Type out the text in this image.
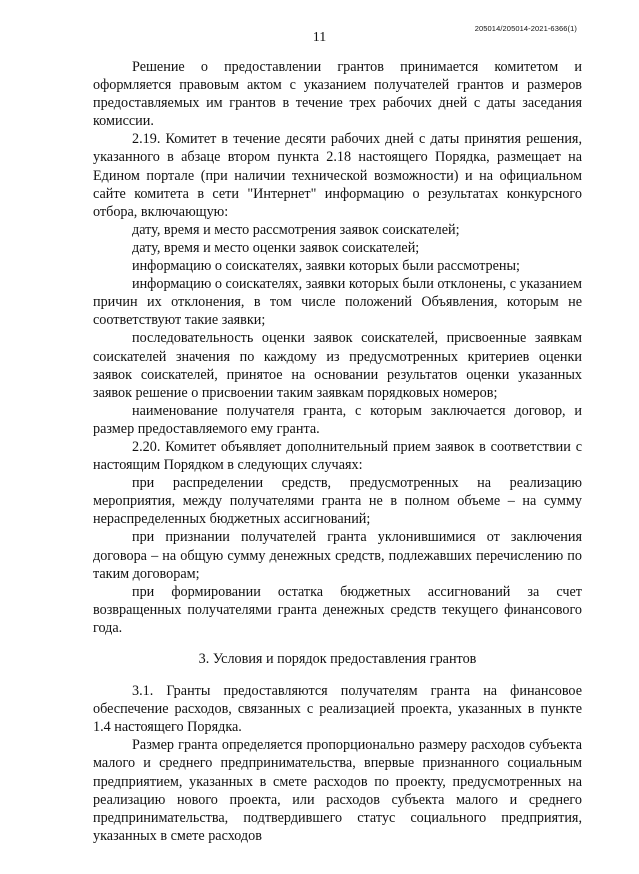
205014/205014-2021-6366(1)
11

Решение о предоставлении грантов принимается комитетом и оформляется правовым актом с указанием получателей грантов и размеров предоставляемых им грантов в течение трех рабочих дней с даты заседания комиссии.

2.19. Комитет в течение десяти рабочих дней с даты принятия решения, указанного в абзаце втором пункта 2.18 настоящего Порядка, размещает на Едином портале (при наличии технической возможности) и на официальном сайте комитета в сети "Интернет" информацию о результатах конкурсного отбора, включающую:

дату, время и место рассмотрения заявок соискателей;

дату, время и место оценки заявок соискателей;

информацию о соискателях, заявки которых были рассмотрены;

информацию о соискателях, заявки которых были отклонены, с указанием причин их отклонения, в том числе положений Объявления, которым не соответствуют такие заявки;

последовательность оценки заявок соискателей, присвоенные заявкам соискателей значения по каждому из предусмотренных критериев оценки заявок соискателей, принятое на основании результатов оценки указанных заявок решение о присвоении таким заявкам порядковых номеров;

наименование получателя гранта, с которым заключается договор, и размер предоставляемого ему гранта.

2.20. Комитет объявляет дополнительный прием заявок в соответствии с настоящим Порядком в следующих случаях:

при распределении средств, предусмотренных на реализацию мероприятия, между получателями гранта не в полном объеме – на сумму нераспределенных бюджетных ассигнований;

при признании получателей гранта уклонившимися от заключения договора – на общую сумму денежных средств, подлежавших перечислению по таким договорам;

при формировании остатка бюджетных ассигнований за счет возвращенных получателями гранта денежных средств текущего финансового года.

3. Условия и порядок предоставления грантов

3.1. Гранты предоставляются получателям гранта на финансовое обеспечение расходов, связанных с реализацией проекта, указанных в пункте 1.4 настоящего Порядка.

Размер гранта определяется пропорционально размеру расходов субъекта малого и среднего предпринимательства, впервые признанного социальным предприятием, указанных в смете расходов по проекту, предусмотренных на реализацию нового проекта, или расходов субъекта малого и среднего предпринимательства, подтвердившего статус социального предприятия, указанных в смете расходов
